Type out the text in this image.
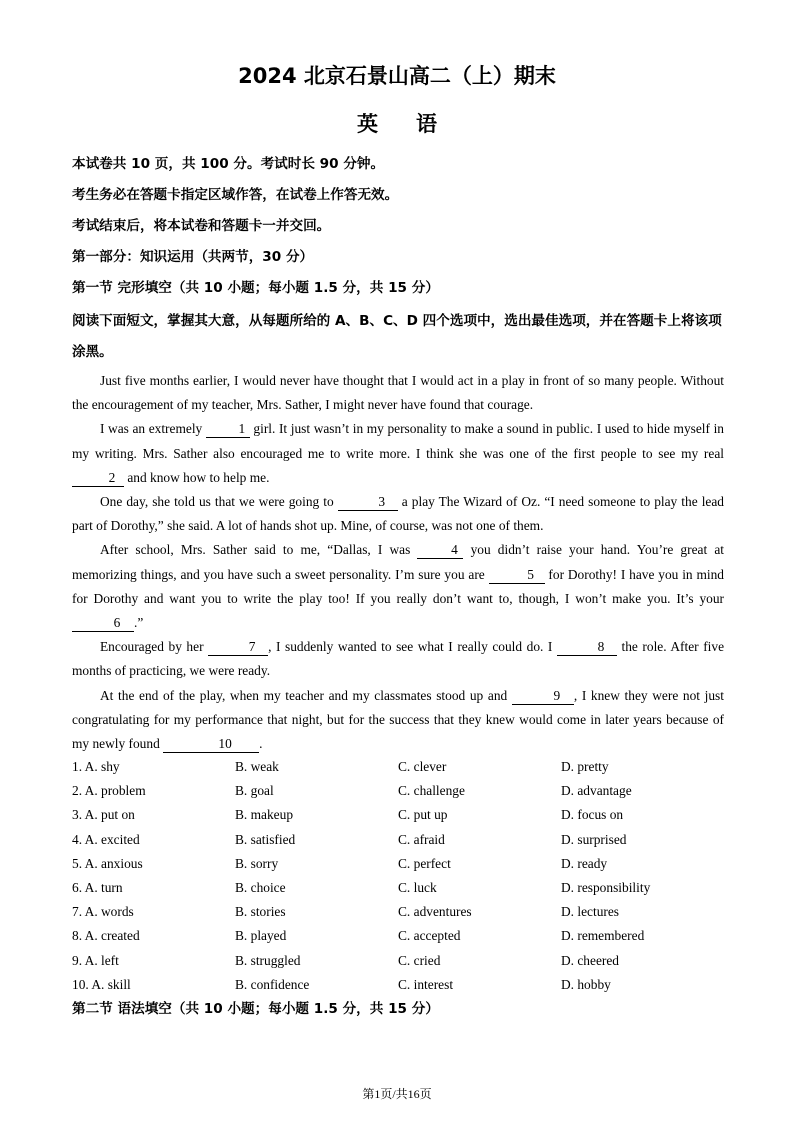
2024 北京石景山高二（上）期末
英语
本试卷共 10 页，共 100 分。考试时长 90 分钟。
考生务必在答题卡指定区域作答，在试卷上作答无效。
考试结束后，将本试卷和答题卡一并交回。
第一部分：知识运用（共两节，30 分）
第一节 完形填空（共 10 小题；每小题 1.5 分，共 15 分）
阅读下面短文，掌握其大意，从每题所给的 A、B、C、D 四个选项中，选出最佳选项，并在答题卡上将该项涂黑。

Just five months earlier, I would never have thought that I would act in a play in front of so many people. Without the encouragement of my teacher, Mrs. Sather, I might never have found that courage.

I was an extremely 1 girl. It just wasn’t in my personality to make a sound in public. I used to hide myself in my writing. Mrs. Sather also encouraged me to write more. I think she was one of the first people to see my real 2 and know how to help me.

One day, she told us that we were going to	3 a play The Wizard of Oz. “I need someone to play the lead part of Dorothy,” she said. A lot of hands shot up. Mine, of course, was not one of them.

After school, Mrs. Sather said to me, “Dallas, I was	4 you didn’t raise your hand. You’re great at memorizing things, and you have such a sweet personality. I’m sure you are	5 for Dorothy! I have you in mind for Dorothy and want you to write the play too! If you really don’t want to, though, I won’t make you. It’s your 6 .”

Encouraged by her	7 , I suddenly wanted to see what I really could do. I	8 the role. After five months of practicing, we were ready.

At the end of the play, when my teacher and my classmates stood up and	9 , I knew they were not just congratulating for my performance that night, but for the success that they knew would come in later years because of my newly found	10 .

1. A. shy	B. weak	C. clever	D. pretty
2. A. problem	B. goal	C. challenge	D. advantage
3. A. put on	B. makeup	C. put up	D. focus on
4. A. excited	B. satisfied	C. afraid	D. surprised
5. A. anxious	B. sorry	C. perfect	D. ready
6. A. turn	B. choice	C. luck	D. responsibility
7. A. words	B. stories	C. adventures	D. lectures
8. A. created	B. played	C. accepted	D. remembered
9. A. left	B. struggled	C. cried	D. cheered
10. A. skill	B. confidence	C. interest	D. hobby
第二节 语法填空（共 10 小题；每小题 1.5 分，共 15 分）
第1页/共16页
